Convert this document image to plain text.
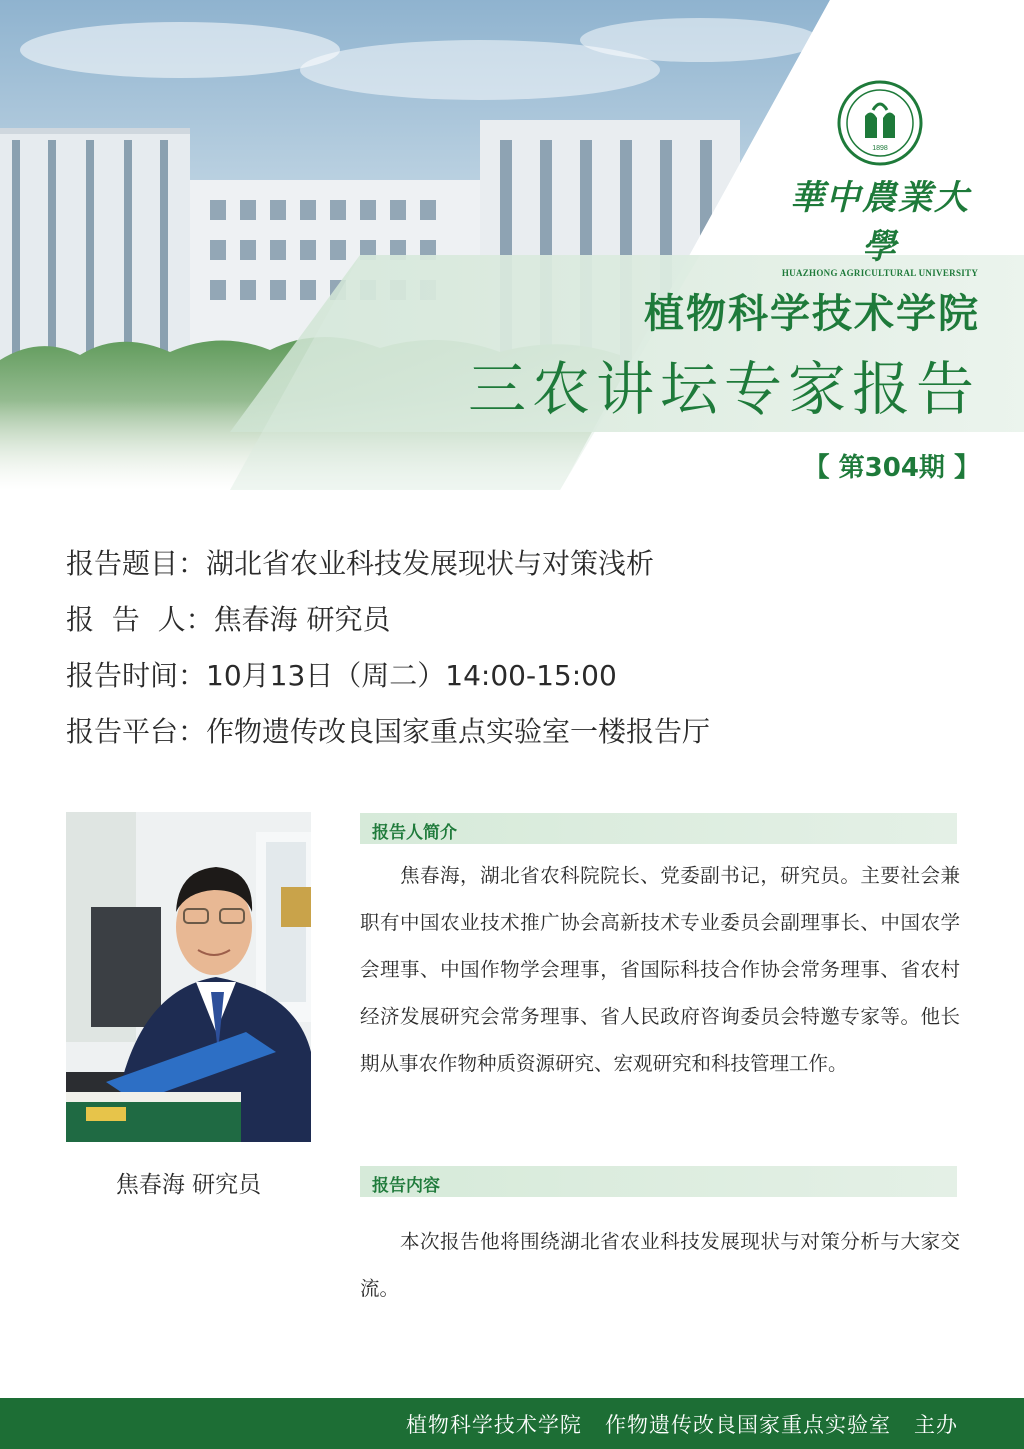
1898
華中農業大學
HUAZHONG AGRICULTURAL UNIVERSITY
植物科学技术学院
三农讲坛专家报告
【 第304期 】
报告题目：湖北省农业科技发展现状与对策浅析
报  告  人：焦春海 研究员
报告时间：10月13日（周二）14:00-15:00
报告平台：作物遗传改良国家重点实验室一楼报告厅
焦春海 研究员
报告人简介
焦春海，湖北省农科院院长、党委副书记，研究员。主要社会兼职有中国农业技术推广协会高新技术专业委员会副理事长、中国农学会理事、中国作物学会理事，省国际科技合作协会常务理事、省农村经济发展研究会常务理事、省人民政府咨询委员会特邀专家等。他长期从事农作物种质资源研究、宏观研究和科技管理工作。
报告内容
本次报告他将围绕湖北省农业科技发展现状与对策分析与大家交流。
植物科学技术学院   作物遗传改良国家重点实验室   主办
